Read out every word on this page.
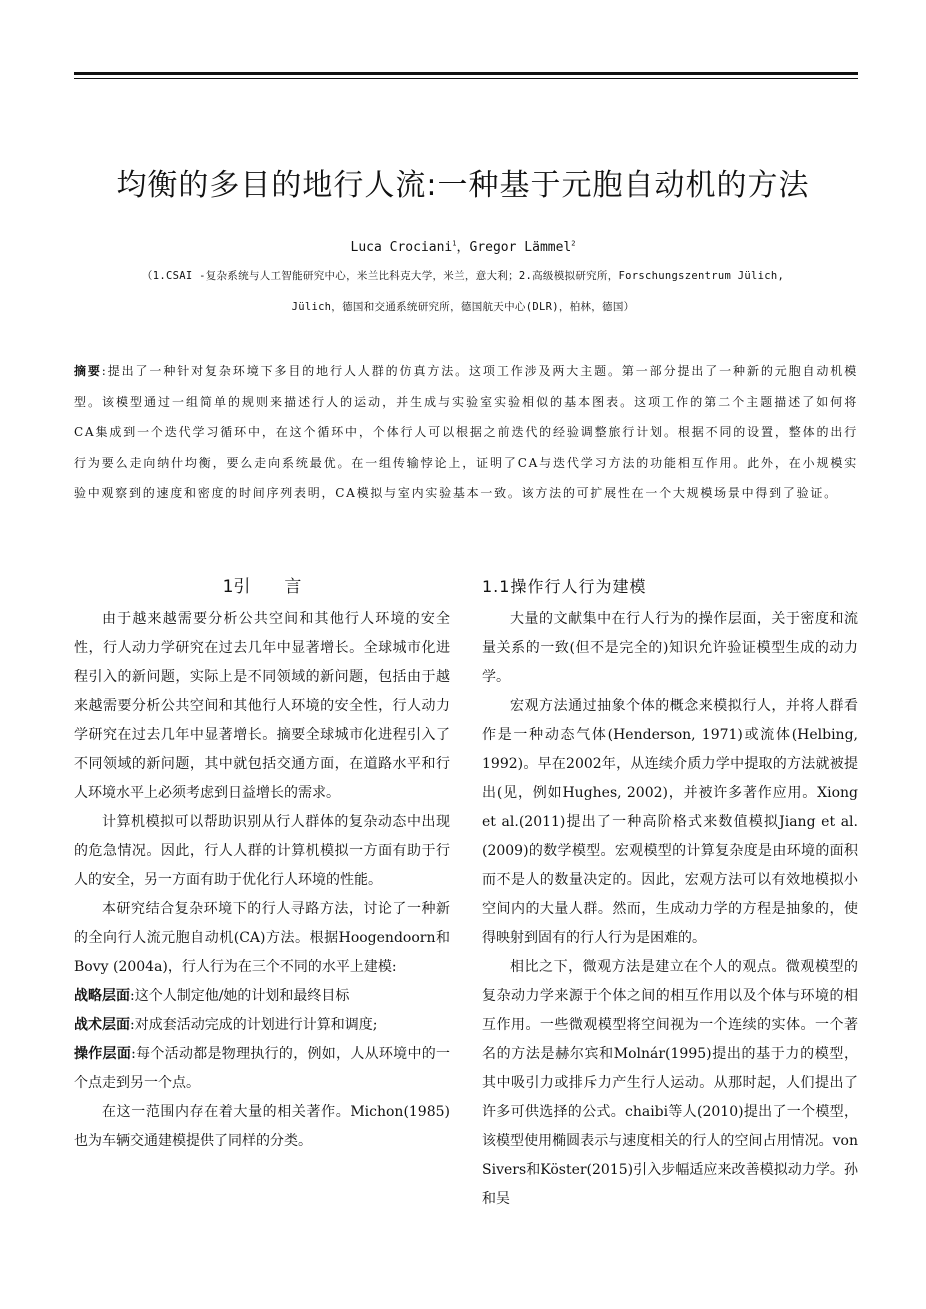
均衡的多目的地行人流:一种基于元胞自动机的方法
Luca Crociani$^1$，Gregor Lämmel$^2$
（1.CSAI -复杂系统与人工智能研究中心，米兰比科克大学，米兰，意大利；2.高级模拟研究所，Forschungszentrum Jülich,
Jülich，德国和交通系统研究所，德国航天中心(DLR)，柏林，德国）

摘要:提出了一种针对复杂环境下多目的地行人人群的仿真方法。这项工作涉及两大主题。第一部分提出了一种新的元胞自动机模型。该模型通过一组简单的规则来描述行人的运动，并生成与实验室实验相似的基本图表。这项工作的第二个主题描述了如何将CA集成到一个迭代学习循环中，在这个循环中，个体行人可以根据之前迭代的经验调整旅行计划。根据不同的设置，整体的出行行为要么走向纳什均衡，要么走向系统最优。在一组传输悖论上，证明了CA与迭代学习方法的功能相互作用。此外，在小规模实验中观察到的速度和密度的时间序列表明，CA模拟与室内实验基本一致。该方法的可扩展性在一个大规模场景中得到了验证。

1引　　言

由于越来越需要分析公共空间和其他行人环境的安全性，行人动力学研究在过去几年中显著增长。全球城市化进程引入的新问题，实际上是不同领域的新问题，包括由于越来越需要分析公共空间和其他行人环境的安全性，行人动力学研究在过去几年中显著增长。摘要全球城市化进程引入了不同领域的新问题，其中就包括交通方面，在道路水平和行人环境水平上必须考虑到日益增长的需求。

计算机模拟可以帮助识别从行人群体的复杂动态中出现的危急情况。因此，行人人群的计算机模拟一方面有助于行人的安全，另一方面有助于优化行人环境的性能。

本研究结合复杂环境下的行人寻路方法，讨论了一种新的全向行人流元胞自动机(CA)方法。根据Hoogendoorn和Bovy (2004a)，行人行为在三个不同的水平上建模:

战略层面:这个人制定他/她的计划和最终目标

战术层面:对成套活动完成的计划进行计算和调度;

操作层面:每个活动都是物理执行的，例如，人从环境中的一个点走到另一个点。

在这一范围内存在着大量的相关著作。Michon(1985)也为车辆交通建模提供了同样的分类。

1.1操作行人行为建模

大量的文献集中在行人行为的操作层面，关于密度和流量关系的一致(但不是完全的)知识允许验证模型生成的动力学。

宏观方法通过抽象个体的概念来模拟行人，并将人群看作是一种动态气体(Henderson, 1971)或流体(Helbing, 1992)。早在2002年，从连续介质力学中提取的方法就被提出(见，例如Hughes, 2002)，并被许多著作应用。Xiong et al.(2011)提出了一种高阶格式来数值模拟Jiang et al.(2009)的数学模型。宏观模型的计算复杂度是由环境的面积而不是人的数量决定的。因此，宏观方法可以有效地模拟小空间内的大量人群。然而，生成动力学的方程是抽象的，使得映射到固有的行人行为是困难的。

相比之下，微观方法是建立在个人的观点。微观模型的复杂动力学来源于个体之间的相互作用以及个体与环境的相互作用。一些微观模型将空间视为一个连续的实体。一个著名的方法是赫尔宾和Molnár(1995)提出的基于力的模型，其中吸引力或排斥力产生行人运动。从那时起，人们提出了许多可供选择的公式。chaibi等人(2010)提出了一个模型，该模型使用椭圆表示与速度相关的行人的空间占用情况。von Sivers和Köster(2015)引入步幅适应来改善模拟动力学。孙和吴
